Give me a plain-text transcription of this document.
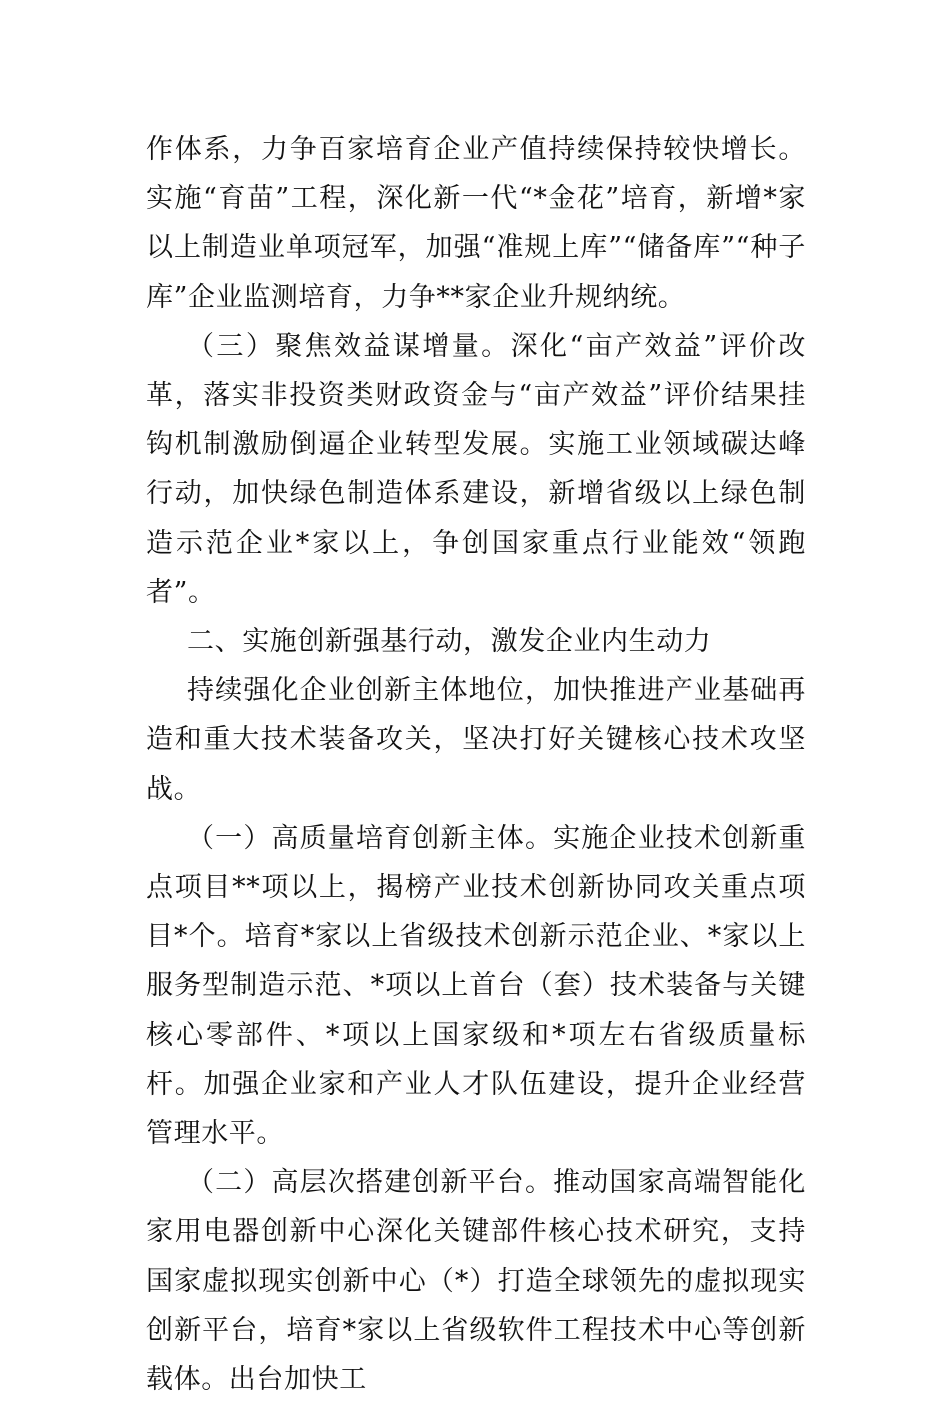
作体系，力争百家培育企业产值持续保持较快增长。实施“育苗”工程，深化新一代“*金花”培育，新增*家以上制造业单项冠军，加强“准规上库”“储备库”“种子库”企业监测培育，力争**家企业升规纳统。

（三）聚焦效益谋增量。深化“亩产效益”评价改革，落实非投资类财政资金与“亩产效益”评价结果挂钩机制激励倒逼企业转型发展。实施工业领域碳达峰行动，加快绿色制造体系建设，新增省级以上绿色制造示范企业*家以上，争创国家重点行业能效“领跑者”。

二、实施创新强基行动，激发企业内生动力

持续强化企业创新主体地位，加快推进产业基础再造和重大技术装备攻关，坚决打好关键核心技术攻坚战。

（一）高质量培育创新主体。实施企业技术创新重点项目**项以上，揭榜产业技术创新协同攻关重点项目*个。培育*家以上省级技术创新示范企业、*家以上服务型制造示范、*项以上首台（套）技术装备与关键核心零部件、*项以上国家级和*项左右省级质量标杆。加强企业家和产业人才队伍建设，提升企业经营管理水平。

（二）高层次搭建创新平台。推动国家高端智能化家用电器创新中心深化关键部件核心技术研究，支持国家虚拟现实创新中心（*）打造全球领先的虚拟现实创新平台，培育*家以上省级软件工程技术中心等创新载体。出台加快工
